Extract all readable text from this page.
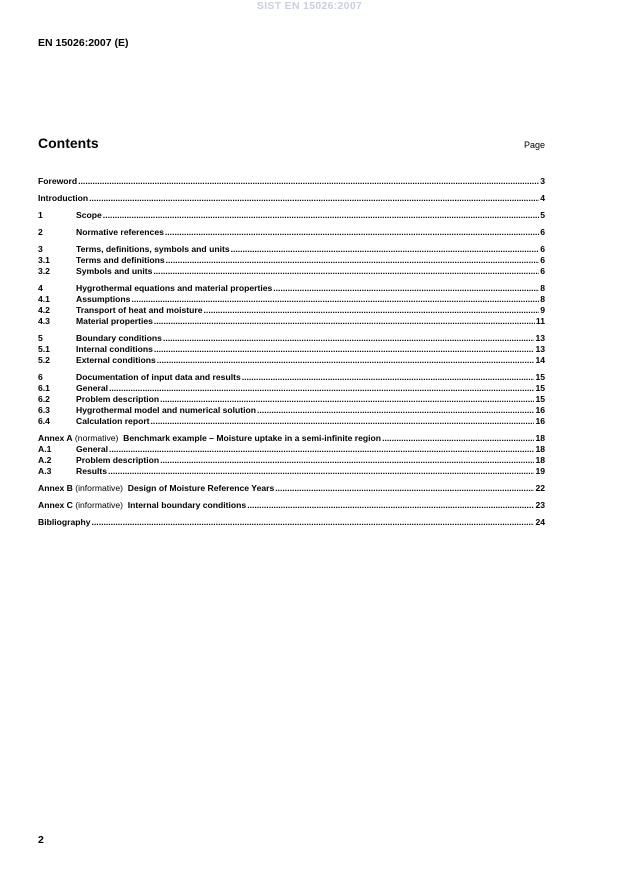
SIST EN 15026:2007
EN 15026:2007 (E)
Contents	Page
Foreword .....	3
Introduction .....	4
1	Scope .....	5
2	Normative references .....	6
3	Terms, definitions, symbols and units .....	6
3.1	Terms and definitions .....	6
3.2	Symbols and units .....	6
4	Hygrothermal equations and material properties .....	8
4.1	Assumptions .....	8
4.2	Transport of heat and moisture .....	9
4.3	Material properties .....	11
5	Boundary conditions .....	13
5.1	Internal conditions .....	13
5.2	External conditions .....	14
6	Documentation of input data and results .....	15
6.1	General .....	15
6.2	Problem description .....	15
6.3	Hygrothermal model and numerical solution .....	16
6.4	Calculation report .....	16
Annex A (normative) Benchmark example – Moisture uptake in a semi-infinite region .....	18
A.1	General .....	18
A.2	Problem description .....	18
A.3	Results .....	19
Annex B (informative) Design of Moisture Reference Years .....	22
Annex C (informative) Internal boundary conditions .....	23
Bibliography .....	24
2
